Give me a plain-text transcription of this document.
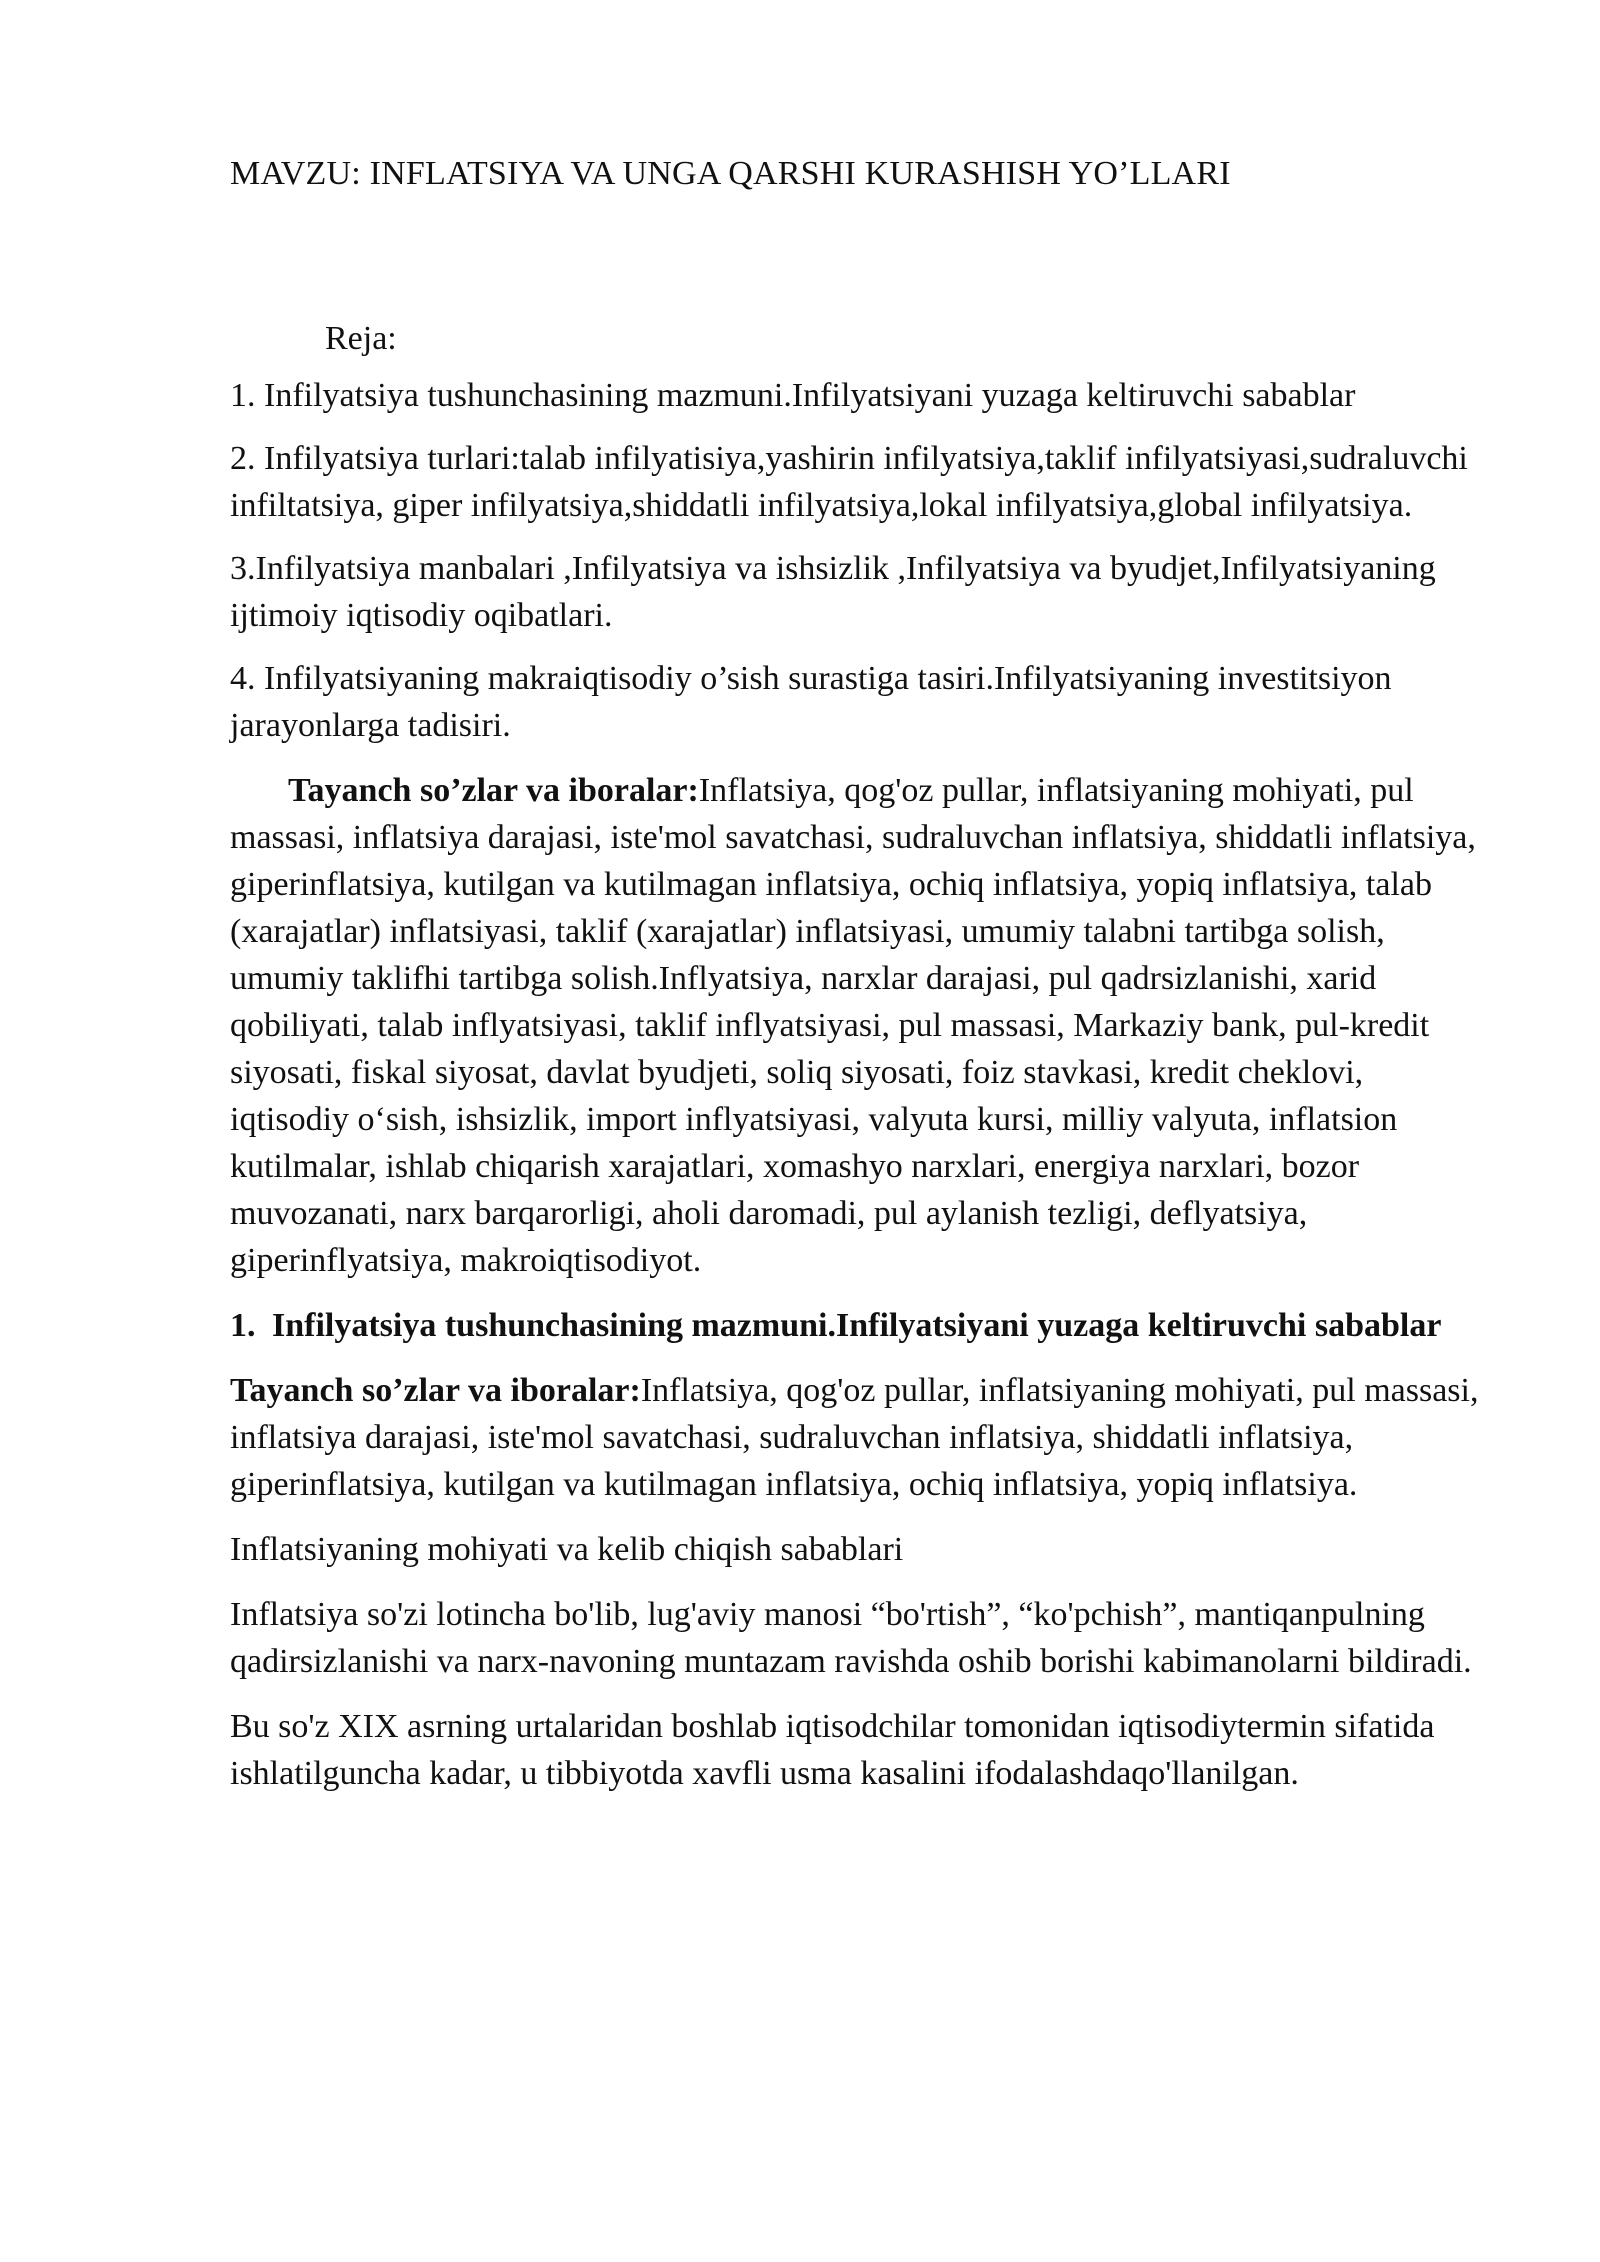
MAVZU: INFLATSIYA VA UNGA QARSHI KURASHISH YO’LLARI
Reja:
1. Infilyatsiya tushunchasining mazmuni.Infilyatsiyani yuzaga keltiruvchi sabablar
2. Infilyatsiya turlari:talab infilyatisiya,yashirin infilyatsiya,taklif infilyatsiyasi,sudraluvchi infiltatsiya, giper infilyatsiya,shiddatli infilyatsiya,lokal infilyatsiya,global infilyatsiya.
3.Infilyatsiya manbalari ,Infilyatsiya va ishsizlik ,Infilyatsiya va byudjet,Infilyatsiyaning ijtimoiy iqtisodiy oqibatlari.
4. Infilyatsiyaning makraiqtisodiy o’sish surastiga tasiri.Infilyatsiyaning investitsiyon jarayonlarga tadisiri.

Tayanch so’zlar va iboralar:Inflatsiya, qog'oz pullar, inflatsiyaning mohiyati, pul massasi, inflatsiya darajasi, iste'mol savatchasi, sudraluvchan inflatsiya, shiddatli inflatsiya, giperinflatsiya, kutilgan va kutilmagan inflatsiya, ochiq inflatsiya, yopiq inflatsiya, talab (xarajatlar) inflatsiyasi, taklif (xarajatlar) inflatsiyasi, umumiy talabni tartibga solish, umumiy taklifhi tartibga solish.Inflyatsiya, narxlar darajasi, pul qadrsizlanishi, xarid qobiliyati, talab inflyatsiyasi, taklif inflyatsiyasi, pul massasi, Markaziy bank, pul-kredit siyosati, fiskal siyosat, davlat byudjeti, soliq siyosati, foiz stavkasi, kredit cheklovi, iqtisodiy o‘sish, ishsizlik, import inflyatsiyasi, valyuta kursi, milliy valyuta, inflatsion kutilmalar, ishlab chiqarish xarajatlari, xomashyo narxlari, energiya narxlari, bozor muvozanati, narx barqarorligi, aholi daromadi, pul aylanish tezligi, deflyatsiya, giperinflyatsiya, makroiqtisodiyot.

1. Infilyatsiya tushunchasining mazmuni.Infilyatsiyani yuzaga keltiruvchi sabablar

Tayanch so’zlar va iboralar:Inflatsiya, qog'oz pullar, inflatsiyaning mohiyati, pul massasi, inflatsiya darajasi, iste'mol savatchasi, sudraluvchan inflatsiya, shiddatli inflatsiya, giperinflatsiya, kutilgan va kutilmagan inflatsiya, ochiq inflatsiya, yopiq inflatsiya.

Inflatsiyaning mohiyati va kelib chiqish sabablari

Inflatsiya so'zi lotincha bo'lib, lug'aviy manosi “bo'rtish”, “ko'pchish”, mantiqanpulning qadirsizlanishi va narx-navoning muntazam ravishda oshib borishi kabimanolarni bildiradi.

Bu so'z XIX asrning urtalaridan boshlab iqtisodchilar tomonidan iqtisodiytermin sifatida ishlatilguncha kadar, u tibbiyotda xavfli usma kasalini ifodalashdaqo'llanilgan.
